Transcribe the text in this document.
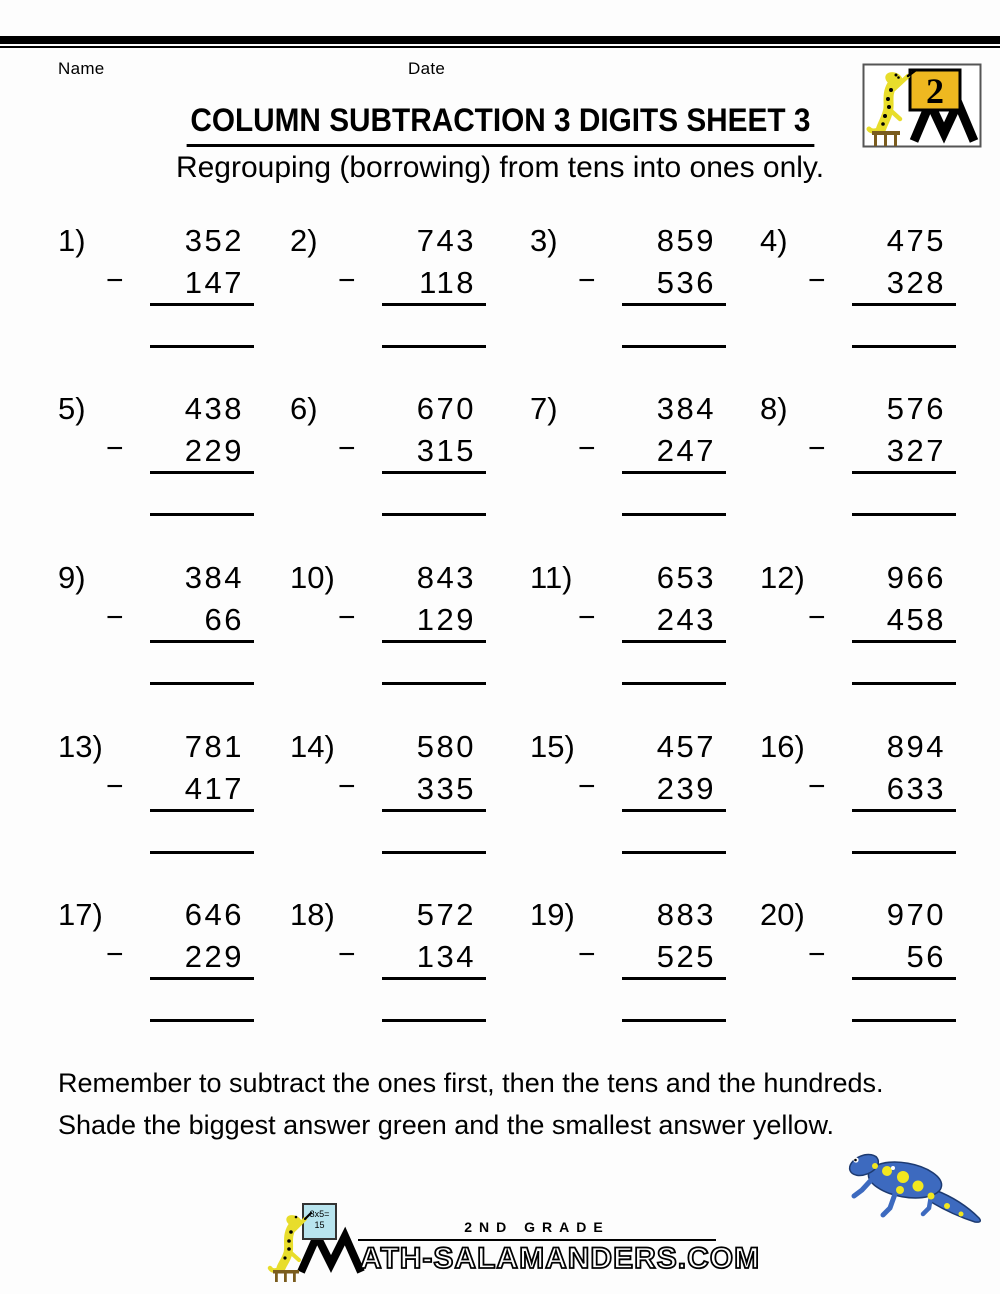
Name	Date
2
COLUMN SUBTRACTION 3 DIGITS SHEET 3
Regrouping (borrowing) from tens into ones only.
1)	352
−	147
2)	743
−	118
3)	859
−	536
4)	475
−	328
5)	438
−	229
6)	670
−	315
7)	384
−	247
8)	576
−	327
9)	384
−	66
10)	843
−	129
11)	653
−	243
12)	966
−	458
13)	781
−	417
14)	580
−	335
15)	457
−	239
16)	894
−	633
17)	646
−	229
18)	572
−	134
19)	883
−	525
20)	970
−	56
Remember to subtract the ones first, then the tens and the hundreds.
Shade the biggest answer green and the smallest answer yellow.
3x5=
15	2ND GRADE
ATH-SALAMANDERS.COM
